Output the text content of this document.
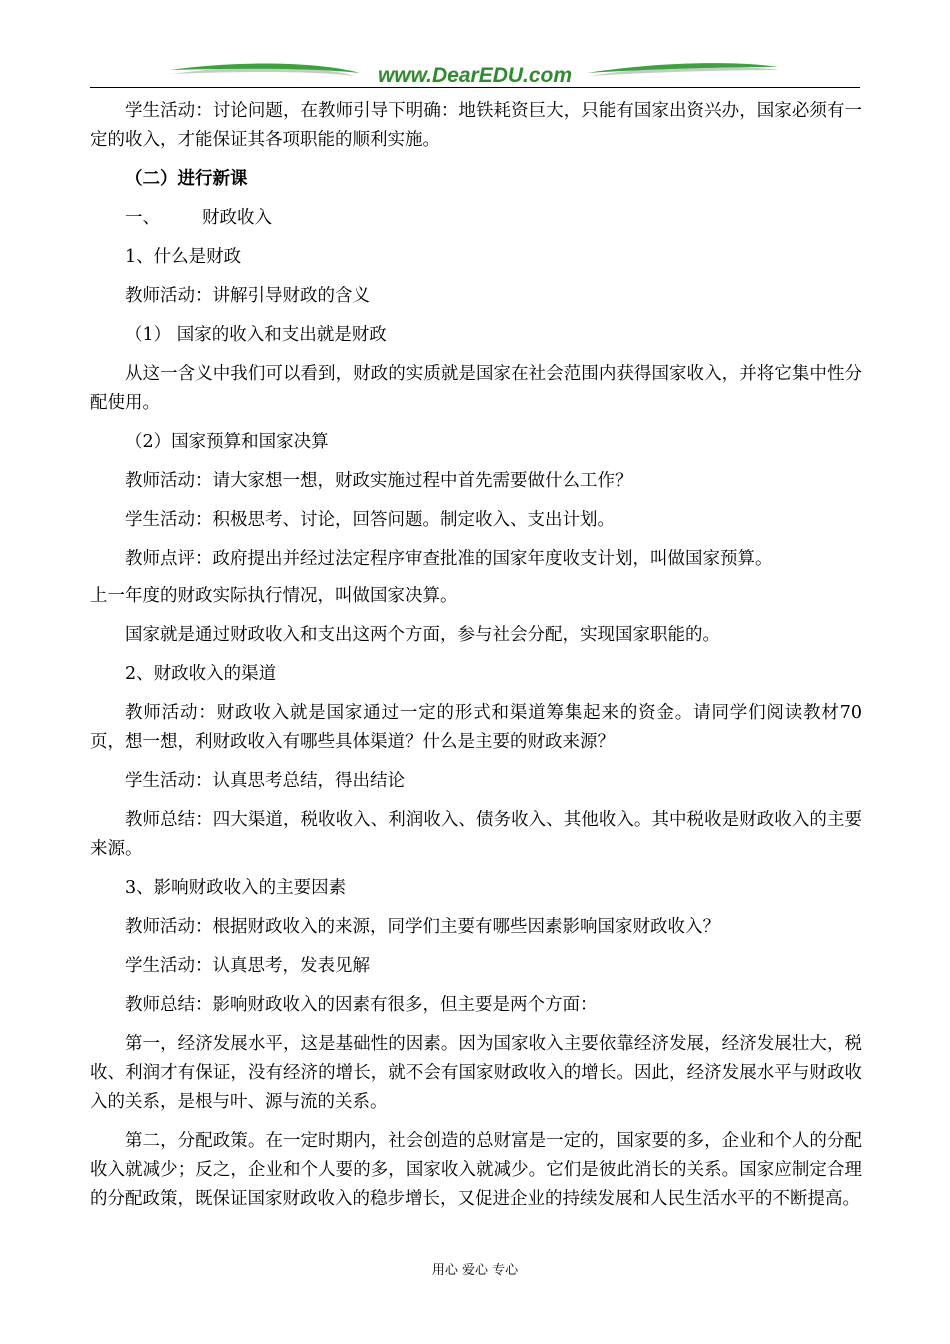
www.DearEDU.com

学生活动：讨论问题，在教师引导下明确：地铁耗资巨大，只能有国家出资兴办，国家必须有一定的收入，才能保证其各项职能的顺利实施。

（二）进行新课

一、 财政收入

1、什么是财政

教师活动：讲解引导财政的含义

（1） 国家的收入和支出就是财政

从这一含义中我们可以看到，财政的实质就是国家在社会范围内获得国家收入，并将它集中性分配使用。

（2）国家预算和国家决算

教师活动：请大家想一想，财政实施过程中首先需要做什么工作？

学生活动：积极思考、讨论，回答问题。制定收入、支出计划。

教师点评：政府提出并经过法定程序审查批准的国家年度收支计划，叫做国家预算。

上一年度的财政实际执行情况，叫做国家决算。

国家就是通过财政收入和支出这两个方面，参与社会分配，实现国家职能的。

2、财政收入的渠道

教师活动：财政收入就是国家通过一定的形式和渠道筹集起来的资金。请同学们阅读教材70页，想一想，利财政收入有哪些具体渠道？什么是主要的财政来源？

学生活动：认真思考总结，得出结论

教师总结：四大渠道，税收收入、利润收入、债务收入、其他收入。其中税收是财政收入的主要来源。

3、影响财政收入的主要因素

教师活动：根据财政收入的来源，同学们主要有哪些因素影响国家财政收入？

学生活动：认真思考，发表见解

教师总结：影响财政收入的因素有很多，但主要是两个方面：

第一，经济发展水平，这是基础性的因素。因为国家收入主要依靠经济发展，经济发展壮大，税收、利润才有保证，没有经济的增长，就不会有国家财政收入的增长。因此，经济发展水平与财政收入的关系，是根与叶、源与流的关系。

第二，分配政策。在一定时期内，社会创造的总财富是一定的，国家要的多，企业和个人的分配收入就减少；反之，企业和个人要的多，国家收入就减少。它们是彼此消长的关系。国家应制定合理的分配政策，既保证国家财政收入的稳步增长，又促进企业的持续发展和人民生活水平的不断提高。

用心 爱心 专心
